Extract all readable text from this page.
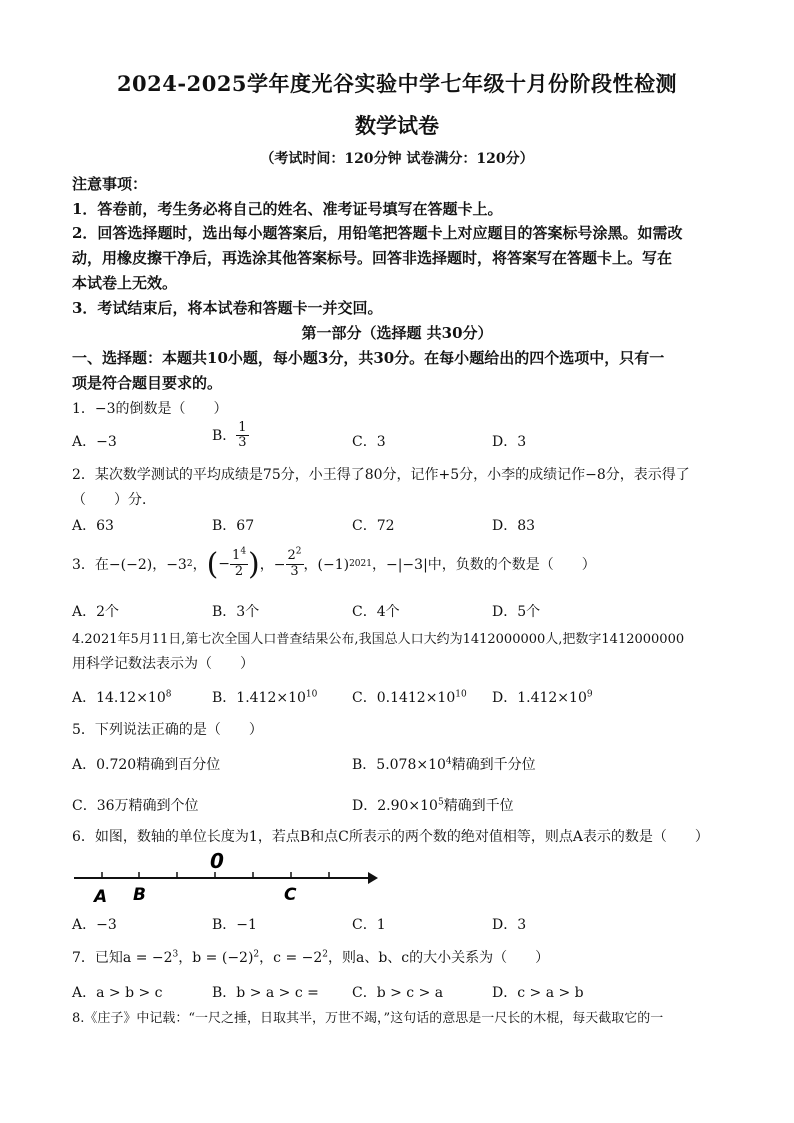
2024-2025学年度光谷实验中学七年级十月份阶段性检测
数学试卷
（考试时间：120分钟 试卷满分：120分）
注意事项：
1．答卷前，考生务必将自己的姓名、准考证号填写在答题卡上。
2．回答选择题时，选出每小题答案后，用铅笔把答题卡上对应题目的答案标号涂黑。如需改
动，用橡皮擦干净后，再选涂其他答案标号。回答非选择题时，将答案写在答题卡上。写在
本试卷上无效。
3．考试结束后，将本试卷和答题卡一并交回。
第一部分（选择题 共30分）
一、选择题：本题共10小题，每小题3分，共30分。在每小题给出的四个选项中，只有一
项是符合题目要求的。
1．−3的倒数是（　　）
A．−3	B． $\frac{1}{3}$	C．3	D．3
2．某次数学测试的平均成绩是75分，小王得了80分，记作+5分，小李的成绩记作−8分，表示得了
（　　）分．
A．63	B．67	C．72	D．83
3．在−(−2)，−3 2 ， ( − $\frac{1^4}{2}$ ) ，− $\frac{2^2}{3}$ ，(−1) 2021 ，−|−3|中，负数的个数是（　　）
A．2个	B．3个	C．4个	D．5个
4.2021年5月11日,第七次全国人口普查结果公布,我国总人口大约为1412000000人,把数字1412000000
用科学记数法表示为（　　）
A．$14.12\times 10^8$	B．$1.412\times 10^{10}$ C．$0.1412\times 10^{10}$ D．$1.412\times 10^9$
5．下列说法正确的是（　　）
A．0.720精确到百分位	B．$5.078\times 10^4$精确到千分位
C．36万精确到个位	D．$2.90\times 10^5$精确到千位
6．如图，数轴的单位长度为1，若点B和点C所表示的两个数的绝对值相等，则点A表示的数是（　　）
0
A B	C
A．−3	B．−1	C．1	D．3
7．已知$a = -2^3$，$b = (-2)^2$，$c = -2^2$，则a、b、c的大小关系为（　　）
A．a > b > c	B．b > a > c = C．b > c > a	D．c > a > b
8.《庄子》中记载：“一尺之捶，日取其半，万世不竭，”这句话的意思是一尺长的木棍，每天截取它的一
